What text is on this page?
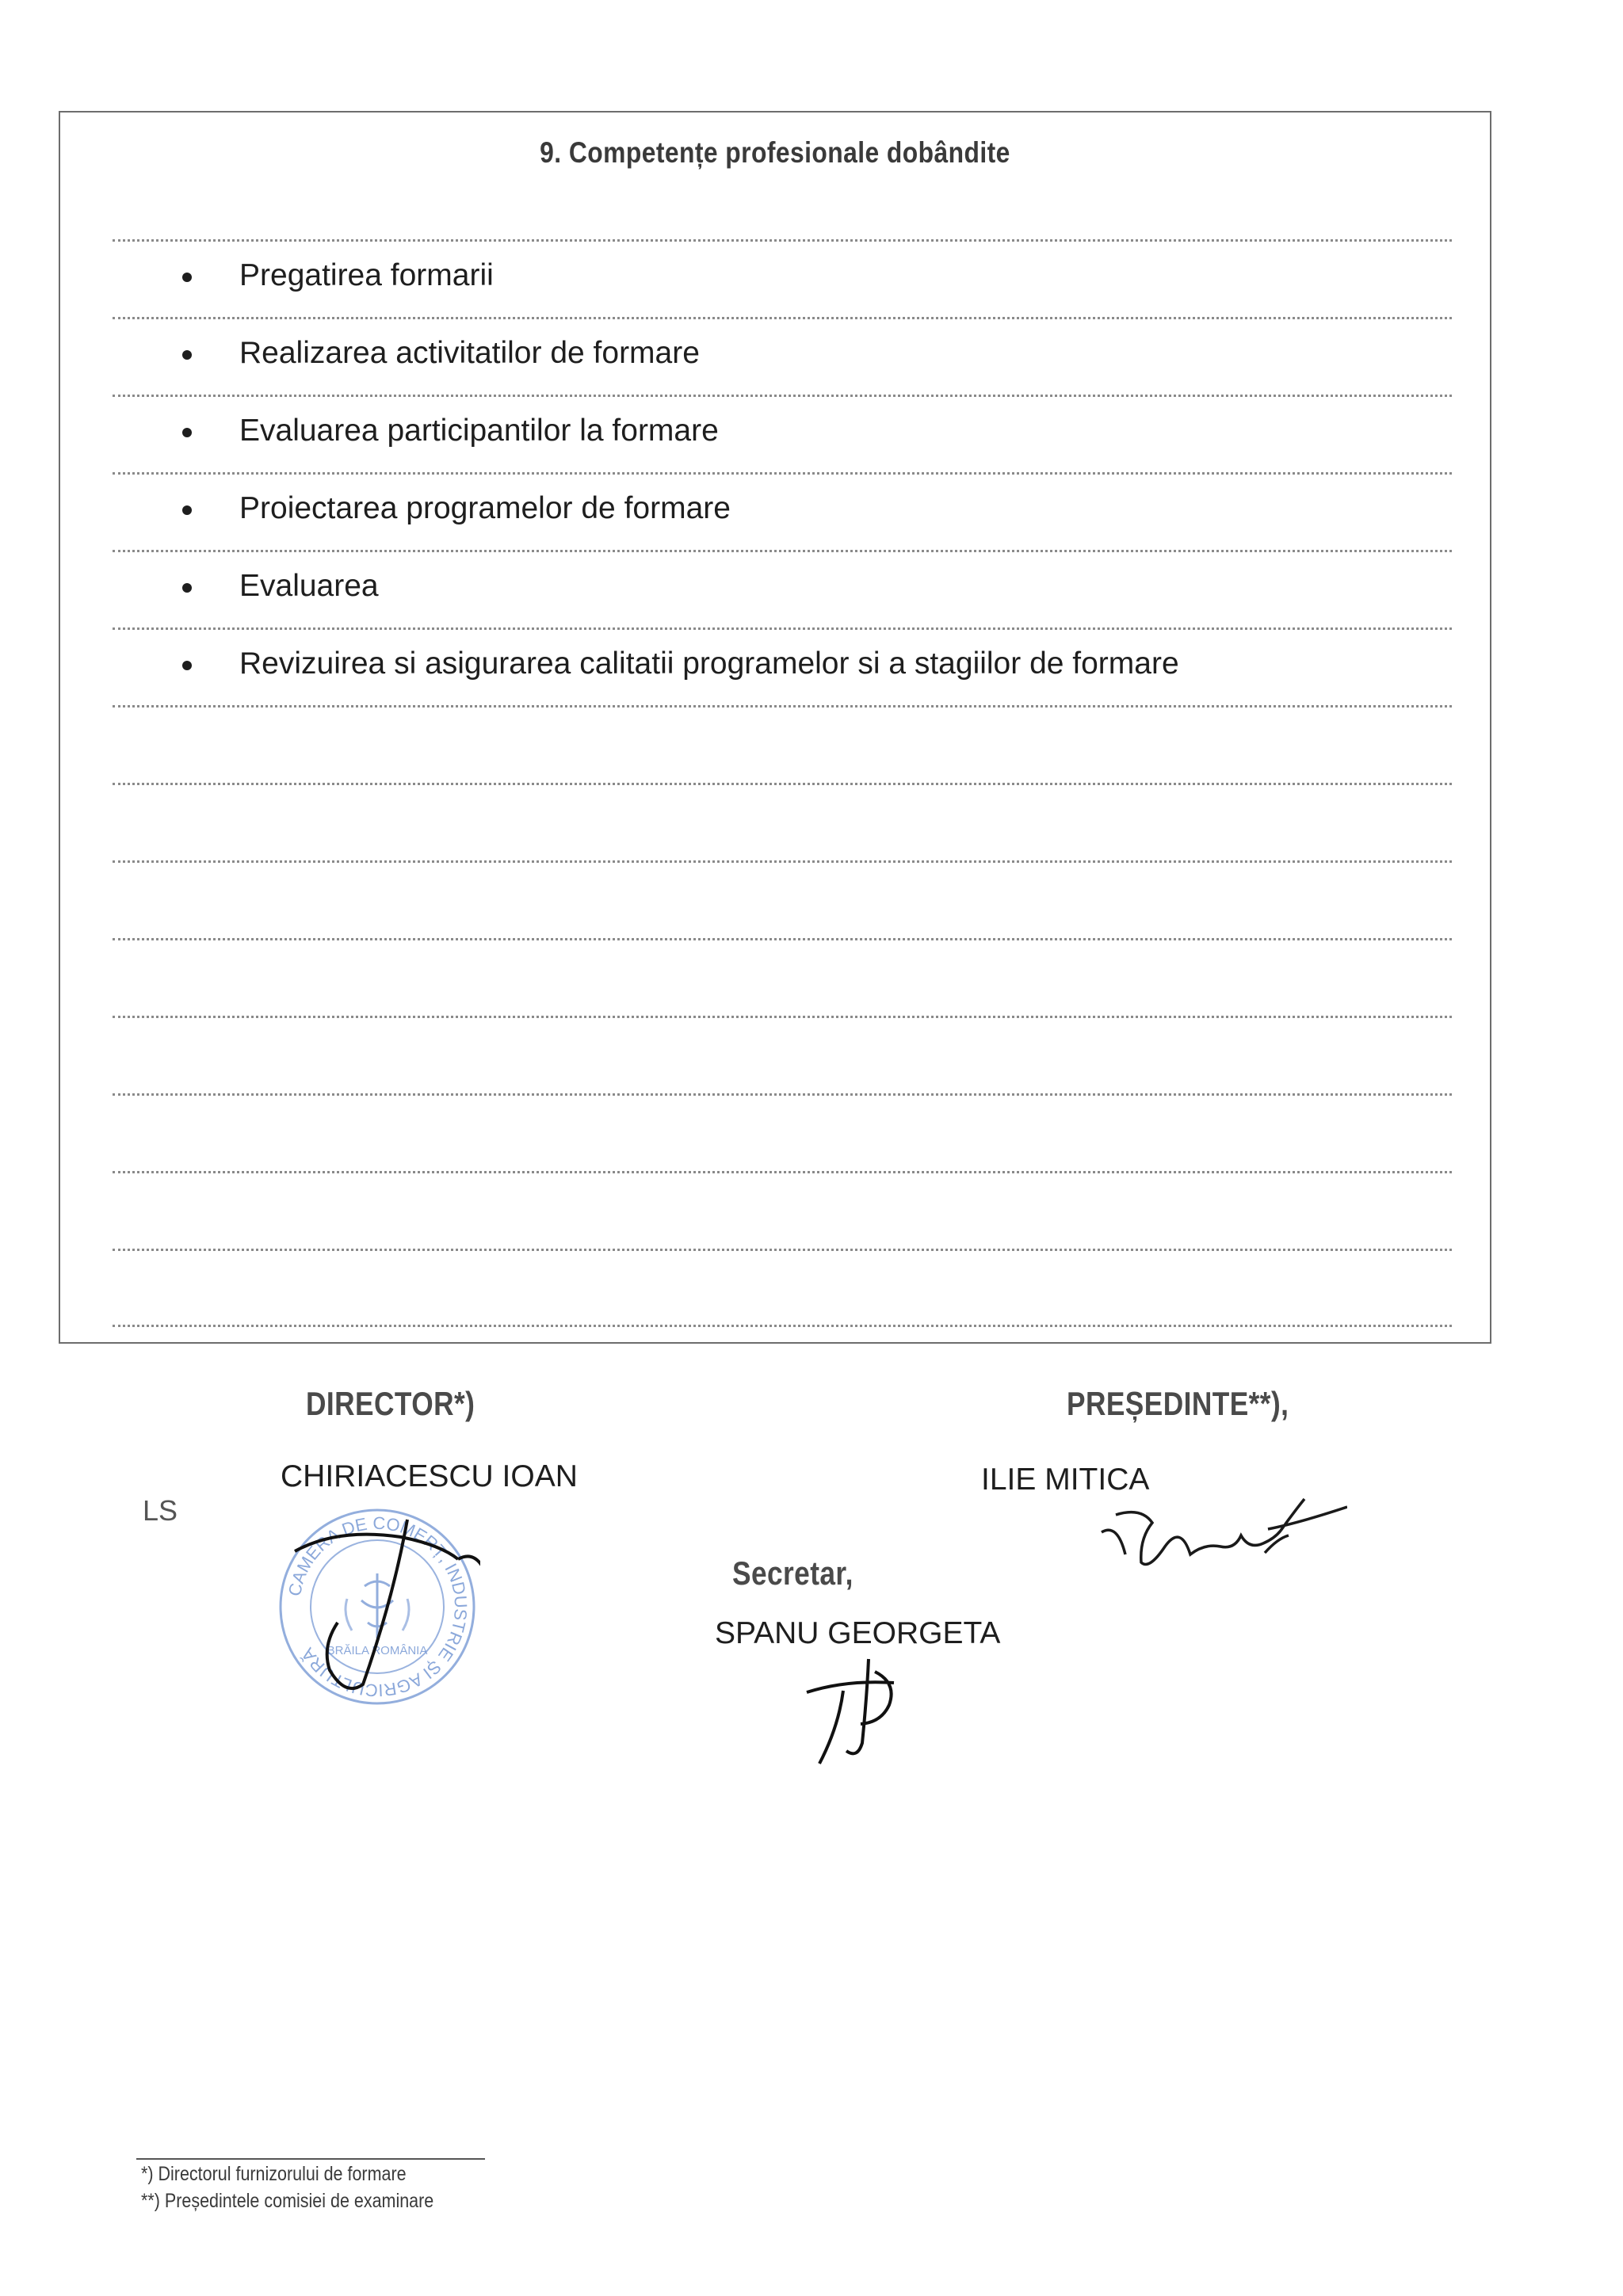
9. Competențe profesionale dobândite
Pregatirea formarii
Realizarea activitatilor de formare
Evaluarea participantilor la formare
Proiectarea programelor de formare
Evaluarea
Revizuirea si asigurarea calitatii programelor si a stagiilor de formare
DIRECTOR*)
CHIRIACESCU IOAN
PREȘEDINTE**),
ILIE MITICA
LS
Secretar,
SPANU GEORGETA
CAMERA DE COMERȚ, INDUSTRIE ȘI AGRICULTURĂ BRĂILA ROMÂNIA
*) Directorul furnizorului de formare
**) Președintele comisiei de examinare
